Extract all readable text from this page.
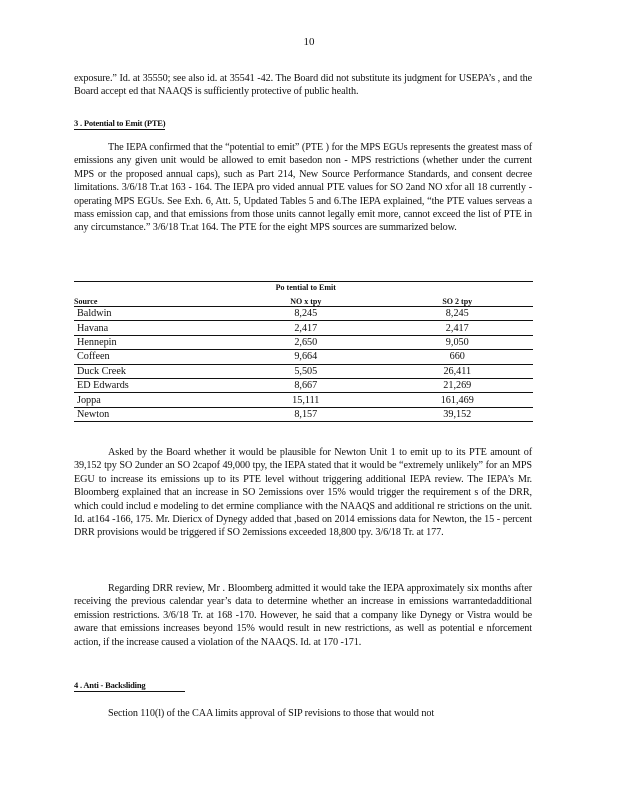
10
exposure.” Id. at 35550; see also id. at 35541 -42. The Board did not substitute its judgment for USEPA’s , and the Board accept ed that NAAQS is sufficiently protective of public health.
3 . Potential to Emit (PTE)
The IEPA confirmed that the “potential to emit” (PTE ) for the MPS EGUs represents the greatest mass of emissions any given unit would be allowed to emit basedon non - MPS restrictions (whether under the current MPS or the proposed annual caps), such as Part 214, New Source Performance Standards, and consent decree limitations. 3/6/18 Tr.at 163 - 164. The IEPA pro vided annual PTE values for SO 2and NO xfor all 18 currently - operating MPS EGUs. See Exh. 6, Att. 5, Updated Tables 5 and 6.The IEPA explained, “the PTE values serveas a mass emission cap, and that emissions from those units cannot legally emit more, cannot exceed the list of PTE in any circumstance.” 3/6/18 Tr.at 164. The PTE for the eight MPS sources are summarized below.
	Po tential to Emit	
Source	NO x tpy	SO 2 tpy
Baldwin	8,245	8,245
Havana	2,417	2,417
Hennepin	2,650	9,050
Coffeen	9,664	660
Duck Creek	5,505	26,411
ED Edwards	8,667	21,269
Joppa	15,111	161,469
Newton	8,157	39,152
Asked by the Board whether it would be plausible for Newton Unit 1 to emit up to its PTE amount of 39,152 tpy SO 2under an SO 2capof 49,000 tpy, the IEPA stated that it would be “extremely unlikely” for an MPS EGU to increase its emissions up to its PTE level without triggering additional IEPA review. The IEPA’s Mr. Bloomberg explained that an increase in SO 2emissions over 15% would trigger the requirement s of the DRR, which could includ e modeling to det ermine compliance with the NAAQS and additional re strictions on the unit. Id. at164 -166, 175. Mr. Diericx of Dynegy added that ,based on 2014 emissions data for Newton, the 15 - percent DRR provisions would be triggered if SO 2emissions exceeded 18,800 tpy. 3/6/18 Tr. at 177.
Regarding DRR review, Mr . Bloomberg admitted it would take the IEPA approximately six months after receiving the previous calendar year’s data to determine whether an increase in emissions warrantedadditional emission restrictions. 3/6/18 Tr. at 168 -170. However, he said that a company like Dynegy or Vistra would be aware that emissions increases beyond 15% would result in new restrictions, as well as potential e nforcement action, if the increase caused a violation of the NAAQS. Id. at 170 -171.
4 . Anti - Backsliding
Section 110(l) of the CAA limits approval of SIP revisions to those that would not
